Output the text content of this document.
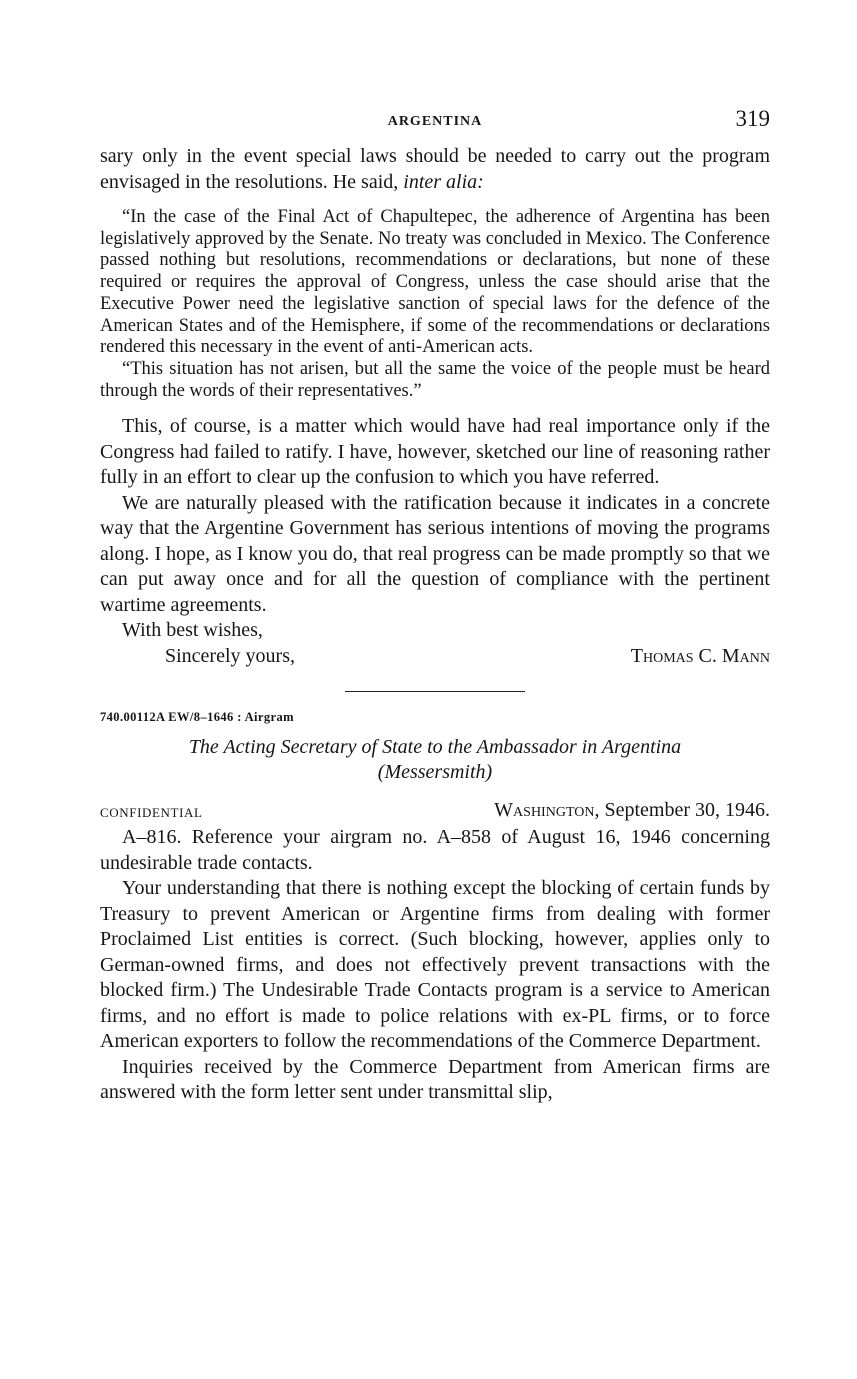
ARGENTINA	319

sary only in the event special laws should be needed to carry out the program envisaged in the resolutions. He said, inter alia:

“In the case of the Final Act of Chapultepec, the adherence of Argentina has been legislatively approved by the Senate. No treaty was concluded in Mexico. The Conference passed nothing but resolutions, recommendations or declarations, but none of these required or requires the approval of Congress, unless the case should arise that the Executive Power need the legislative sanction of special laws for the defence of the American States and of the Hemisphere, if some of the recommendations or declarations rendered this necessary in the event of anti-American acts.

“This situation has not arisen, but all the same the voice of the people must be heard through the words of their representatives.”

This, of course, is a matter which would have had real importance only if the Congress had failed to ratify. I have, however, sketched our line of reasoning rather fully in an effort to clear up the confusion to which you have referred.

We are naturally pleased with the ratification because it indicates in a concrete way that the Argentine Government has serious intentions of moving the programs along. I hope, as I know you do, that real progress can be made promptly so that we can put away once and for all the question of compliance with the pertinent wartime agreements.

With best wishes,
Sincerely yours,	Thomas C. Mann
740.00112A EW/8–1646 : Airgram
The Acting Secretary of State to the Ambassador in Argentina
(Messersmith)
CONFIDENTIAL	Washington, September 30, 1946.

A–816. Reference your airgram no. A–858 of August 16, 1946 concerning undesirable trade contacts.

Your understanding that there is nothing except the blocking of certain funds by Treasury to prevent American or Argentine firms from dealing with former Proclaimed List entities is correct. (Such blocking, however, applies only to German-owned firms, and does not effectively prevent transactions with the blocked firm.) The Undesirable Trade Contacts program is a service to American firms, and no effort is made to police relations with ex-PL firms, or to force American exporters to follow the recommendations of the Commerce Department.

Inquiries received by the Commerce Department from American firms are answered with the form letter sent under transmittal slip,
